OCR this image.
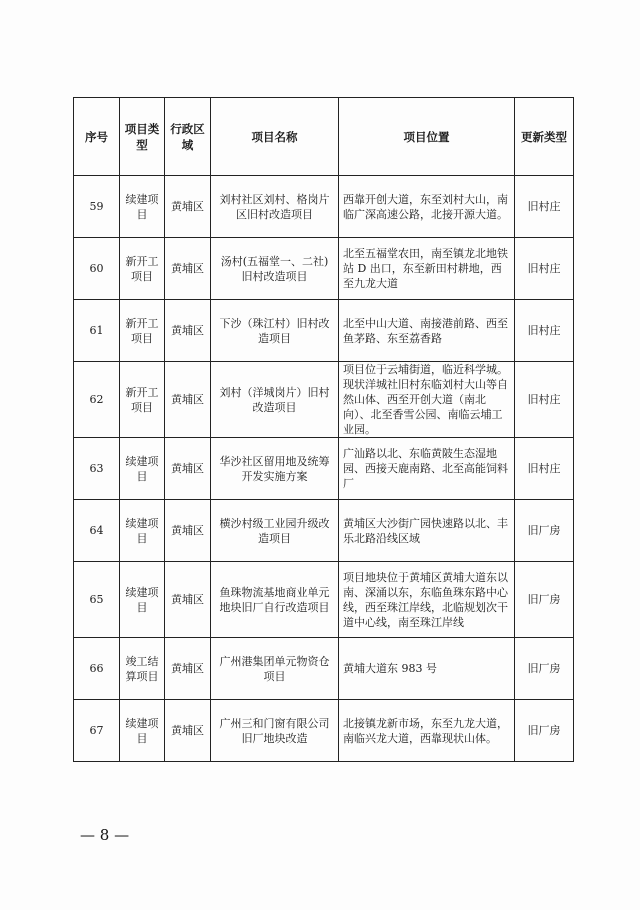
序号	项目类型	行政区域	项目名称	项目位置	更新类型

59	续建项目	黄埔区	刘村社区刘村、格岗片区旧村改造项目	西靠开创大道，东至刘村大山，南临广深高速公路，北接开源大道。	旧村庄

60	新开工项目	黄埔区	汤村(五福堂一、二社)旧村改造项目	北至五福堂农田，南至镇龙北地铁站 D 出口，东至新田村耕地，西至九龙大道	旧村庄

61	新开工项目	黄埔区	下沙（珠江村）旧村改造项目	北至中山大道、南接港前路、西至鱼茅路、东至荔香路	旧村庄

62	新开工项目	黄埔区	刘村（洋城岗片）旧村改造项目	项目位于云埔街道，临近科学城。现状洋城社旧村东临刘村大山等自然山体、西至开创大道（南北向）、北至香雪公园、南临云埔工业园。	旧村庄

63	续建项目	黄埔区	华沙社区留用地及统筹开发实施方案	广汕路以北、东临黄陂生态湿地园、西接天鹿南路、北至高能饲料厂	旧村庄

64	续建项目	黄埔区	横沙村级工业园升级改造项目	黄埔区大沙街广园快速路以北、丰乐北路沿线区域	旧厂房

65	续建项目	黄埔区	鱼珠物流基地商业单元地块旧厂自行改造项目	项目地块位于黄埔区黄埔大道东以南、深涌以东，东临鱼珠东路中心线，西至珠江岸线，北临规划次干道中心线，南至珠江岸线	旧厂房

66	竣工结算项目	黄埔区	广州港集团单元物资仓项目	黄埔大道东 983 号	旧厂房

67	续建项目	黄埔区	广州三和门窗有限公司旧厂地块改造	北接镇龙新市场，东至九龙大道，南临兴龙大道，西靠现状山体。	旧厂房
— 8 —
